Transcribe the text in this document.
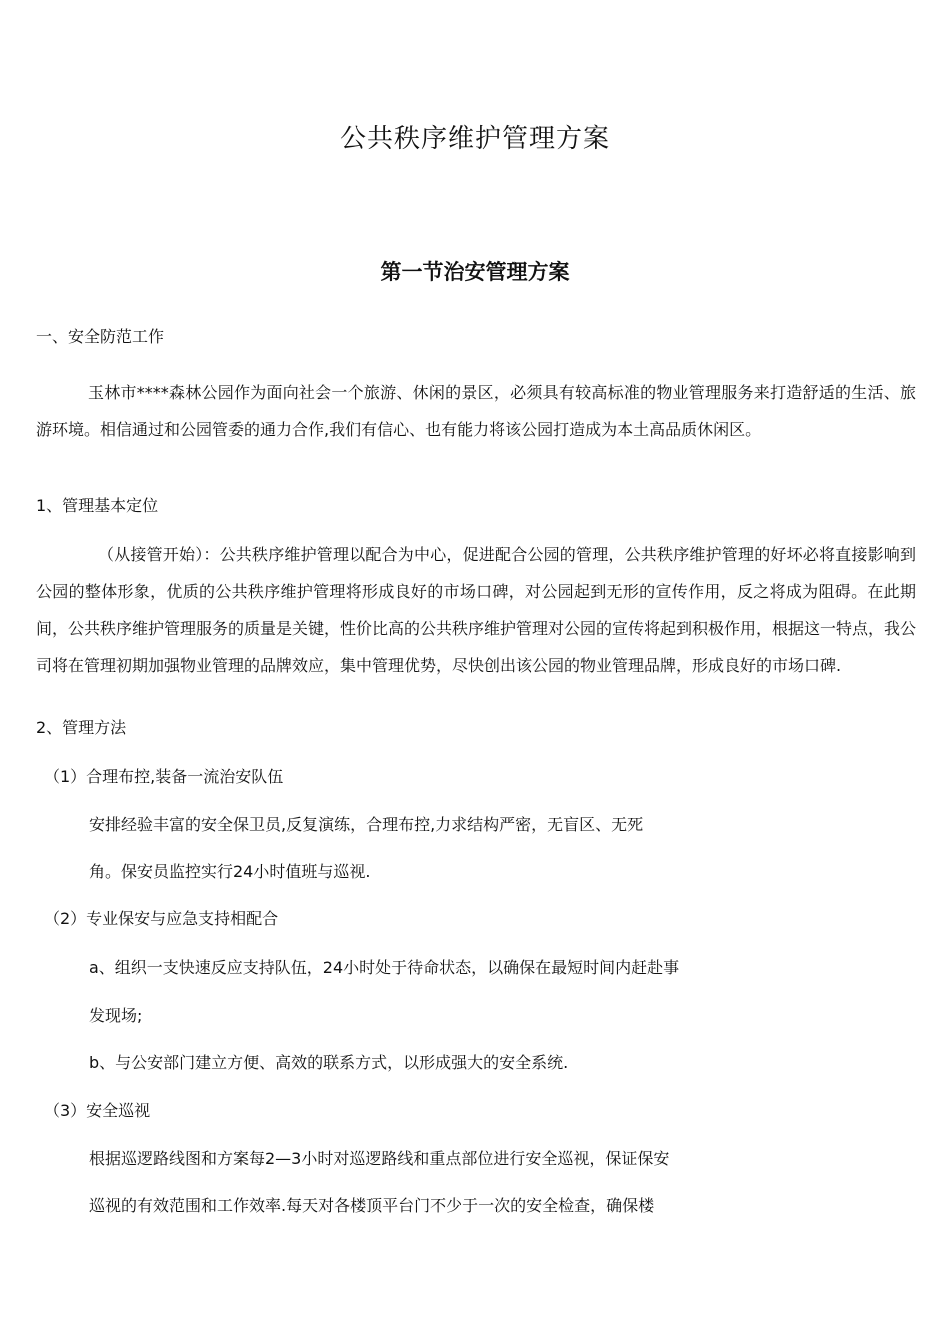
公共秩序维护管理方案
第一节治安管理方案
一、安全防范工作
玉林市****森林公园作为面向社会一个旅游、休闲的景区，必须具有较高标准的物业管理服务来打造舒适的生活、旅游环境。相信通过和公园管委的通力合作,我们有信心、也有能力将该公园打造成为本土高品质休闲区。
1、管理基本定位
（从接管开始）：公共秩序维护管理以配合为中心，促进配合公园的管理，公共秩序维护管理的好坏必将直接影响到公园的整体形象，优质的公共秩序维护管理将形成良好的市场口碑，对公园起到无形的宣传作用，反之将成为阻碍。在此期间，公共秩序维护管理服务的质量是关键，性价比高的公共秩序维护管理对公园的宣传将起到积极作用，根据这一特点，我公司将在管理初期加强物业管理的品牌效应，集中管理优势，尽快创出该公园的物业管理品牌，形成良好的市场口碑.
2、管理方法
（1）合理布控,装备一流治安队伍
安排经验丰富的安全保卫员,反复演练，合理布控,力求结构严密，无盲区、无死
角。保安员监控实行24小时值班与巡视.
（2）专业保安与应急支持相配合
a、组织一支快速反应支持队伍，24小时处于待命状态，以确保在最短时间内赶赴事
发现场;
b、与公安部门建立方便、高效的联系方式，以形成强大的安全系统.
（3）安全巡视
根据巡逻路线图和方案每2—3小时对巡逻路线和重点部位进行安全巡视，保证保安
巡视的有效范围和工作效率.每天对各楼顶平台门不少于一次的安全检查，确保楼
